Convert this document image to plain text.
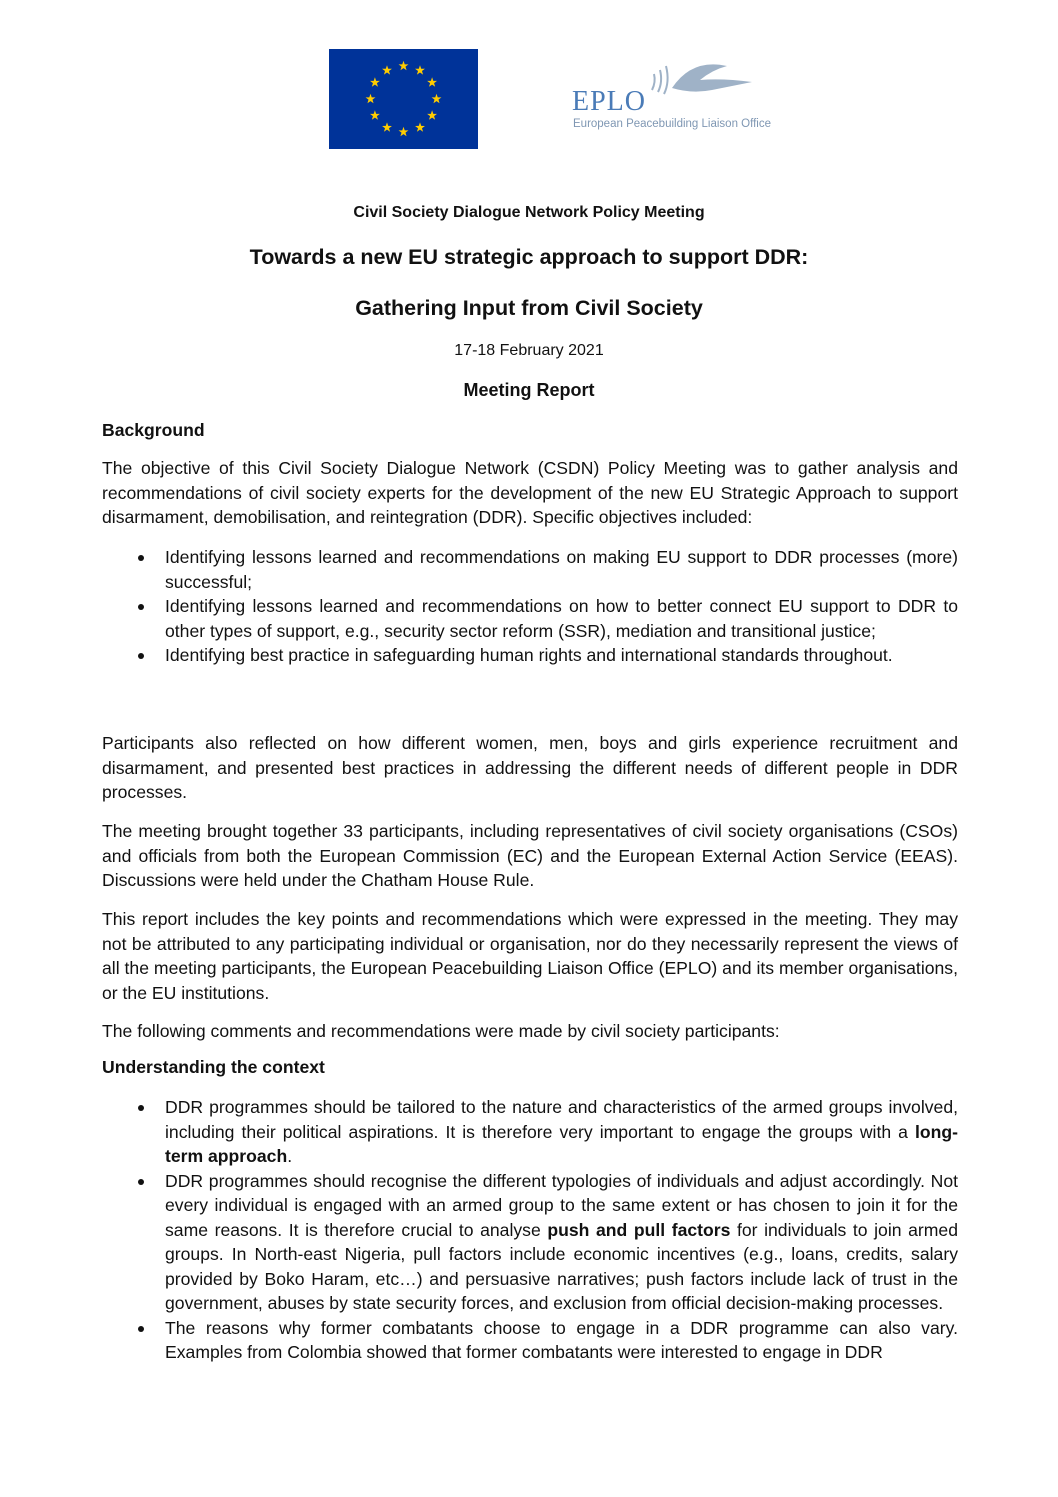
EPLO
European Peacebuilding Liaison Office
Civil Society Dialogue Network Policy Meeting
Towards a new EU strategic approach to support DDR:
Gathering Input from Civil Society
17-18 February 2021
Meeting Report
Background

The objective of this Civil Society Dialogue Network (CSDN) Policy Meeting was to gather analysis and recommendations of civil society experts for the development of the new EU Strategic Approach to support disarmament, demobilisation, and reintegration (DDR). Specific objectives included:

Identifying lessons learned and recommendations on making EU support to DDR processes (more) successful;
Identifying lessons learned and recommendations on how to better connect EU support to DDR to other types of support, e.g., security sector reform (SSR), mediation and transitional justice;
Identifying best practice in safeguarding human rights and international standards throughout.

Participants also reflected on how different women, men, boys and girls experience recruitment and disarmament, and presented best practices in addressing the different needs of different people in DDR processes.

The meeting brought together 33 participants, including representatives of civil society organisations (CSOs) and officials from both the European Commission (EC) and the European External Action Service (EEAS). Discussions were held under the Chatham House Rule.

This report includes the key points and recommendations which were expressed in the meeting. They may not be attributed to any participating individual or organisation, nor do they necessarily represent the views of all the meeting participants, the European Peacebuilding Liaison Office (EPLO) and its member organisations, or the EU institutions.

The following comments and recommendations were made by civil society participants:

Understanding the context
DDR programmes should be tailored to the nature and characteristics of the armed groups involved, including their political aspirations. It is therefore very important to engage the groups with a long-term approach.
DDR programmes should recognise the different typologies of individuals and adjust accordingly. Not every individual is engaged with an armed group to the same extent or has chosen to join it for the same reasons. It is therefore crucial to analyse push and pull factors for individuals to join armed groups. In North-east Nigeria, pull factors include economic incentives (e.g., loans, credits, salary provided by Boko Haram, etc…) and persuasive narratives; push factors include lack of trust in the government, abuses by state security forces, and exclusion from official decision-making processes.
The reasons why former combatants choose to engage in a DDR programme can also vary. Examples from Colombia showed that former combatants were interested to engage in DDR
